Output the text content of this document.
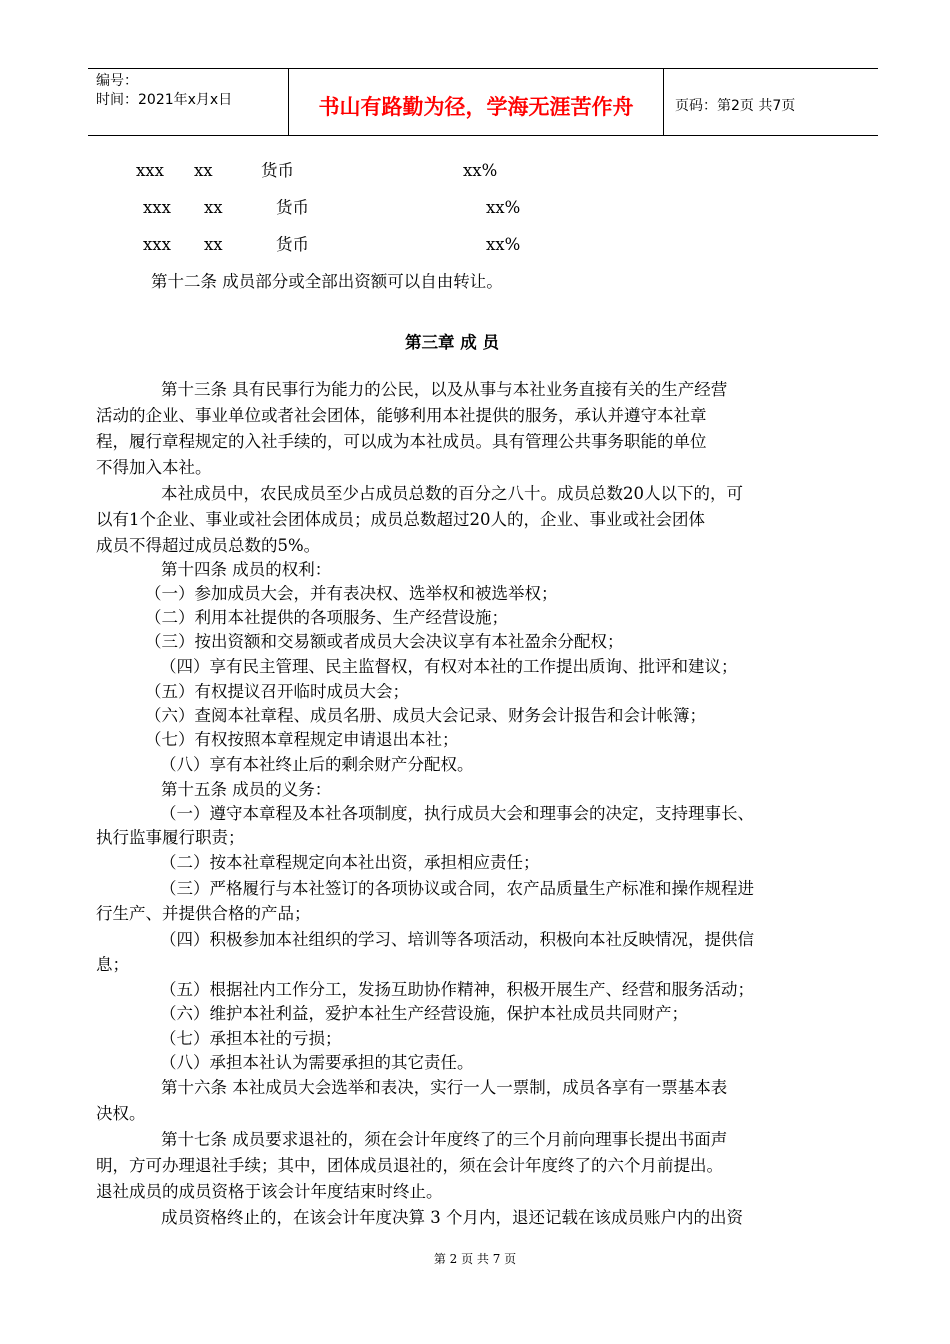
编号：
时间：2021年x月x日	书山有路勤为径，学海无涯苦作舟	页码：第2页 共7页
xxx xx	货币	xx%
xxx xx	货币	xx%
xxx xx	货币	xx%
第十二条 成员部分或全部出资额可以自由转让。
第三章 成 员
第十三条 具有民事行为能力的公民，以及从事与本社业务直接有关的生产经营
活动的企业、事业单位或者社会团体，能够利用本社提供的服务，承认并遵守本社章
程，履行章程规定的入社手续的，可以成为本社成员。具有管理公共事务职能的单位
不得加入本社。
本社成员中，农民成员至少占成员总数的百分之八十。成员总数20人以下的，可
以有1个企业、事业或社会团体成员；成员总数超过20人的，企业、事业或社会团体
成员不得超过成员总数的5%。
第十四条 成员的权利：
（一）参加成员大会，并有表决权、选举权和被选举权；
（二）利用本社提供的各项服务、生产经营设施；
（三）按出资额和交易额或者成员大会决议享有本社盈余分配权；
（四）享有民主管理、民主监督权，有权对本社的工作提出质询、批评和建议；
（五）有权提议召开临时成员大会；
（六）查阅本社章程、成员名册、成员大会记录、财务会计报告和会计帐簿；
（七）有权按照本章程规定申请退出本社；
（八）享有本社终止后的剩余财产分配权。
第十五条 成员的义务：
（一）遵守本章程及本社各项制度，执行成员大会和理事会的决定，支持理事长、
执行监事履行职责；
（二）按本社章程规定向本社出资，承担相应责任；
（三）严格履行与本社签订的各项协议或合同，农产品质量生产标准和操作规程进
行生产、并提供合格的产品；
（四）积极参加本社组织的学习、培训等各项活动，积极向本社反映情况，提供信
息；
（五）根据社内工作分工，发扬互助协作精神，积极开展生产、经营和服务活动；
（六）维护本社利益，爱护本社生产经营设施，保护本社成员共同财产；
（七）承担本社的亏损；
（八）承担本社认为需要承担的其它责任。
第十六条 本社成员大会选举和表决，实行一人一票制，成员各享有一票基本表
决权。
第十七条 成员要求退社的，须在会计年度终了的三个月前向理事长提出书面声
明，方可办理退社手续；其中，团体成员退社的，须在会计年度终了的六个月前提出。
退社成员的成员资格于该会计年度结束时终止。
成员资格终止的，在该会计年度决算 3 个月内，退还记载在该成员账户内的出资
第 2 页 共 7 页
